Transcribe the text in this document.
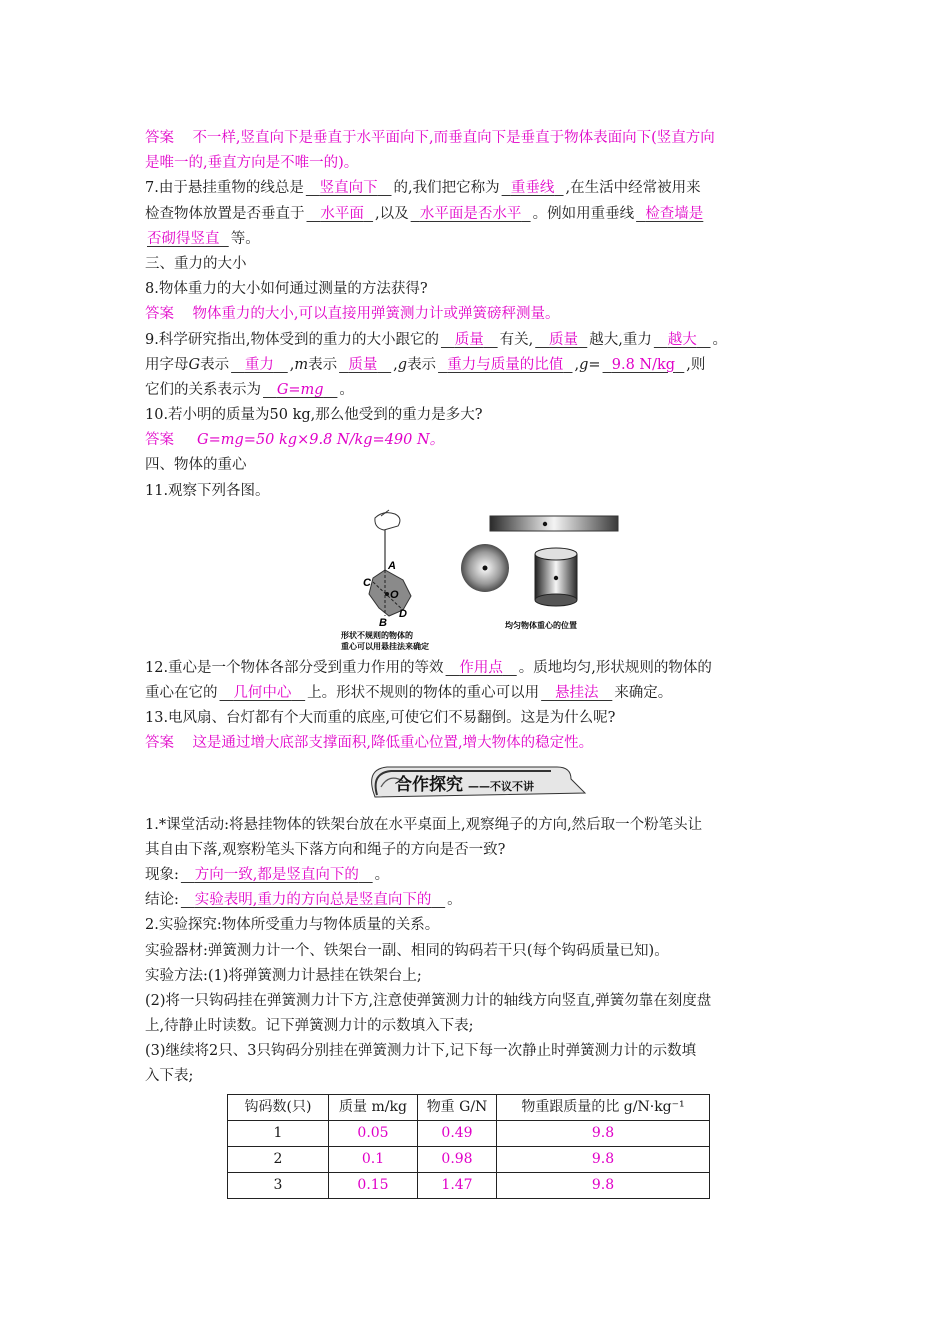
答案 不一样,竖直向下是垂直于水平面向下,而垂直向下是垂直于物体表面向下(竖直方向
是唯一的,垂直方向是不唯一的)。
7.由于悬挂重物的线总是 竖直向下 的,我们把它称为 重垂线 ,在生活中经常被用来
检查物体放置是否垂直于 水平面 ,以及 水平面是否水平 。例如用重垂线 检查墙是
否砌得竖直 等。
三、重力的大小
8.物体重力的大小如何通过测量的方法获得?
答案 物体重力的大小,可以直接用弹簧测力计或弹簧磅秤测量。
9.科学研究指出,物体受到的重力的大小跟它的 质量 有关, 质量 越大,重力 越大 。
用字母G表示 重力 ,m表示 质量 ,g表示 重力与质量的比值 ,g= 9.8 N/kg ,则
它们的关系表示为 G=mg 。
10.若小明的质量为50 kg,那么他受到的重力是多大?
答案 G=mg=50 kg×9.8 N/kg=490 N。
四、物体的重心
11.观察下列各图。
A
C
O
D
B
形状不规则的物体的
重心可以用悬挂法来确定
均匀物体重心的位置
12.重心是一个物体各部分受到重力作用的等效 作用点 。质地均匀,形状规则的物体的
重心在它的 几何中心 上。形状不规则的物体的重心可以用 悬挂法 来确定。
13.电风扇、台灯都有个大而重的底座,可使它们不易翻倒。这是为什么呢?
答案 这是通过增大底部支撑面积,降低重心位置,增大物体的稳定性。
合作探究 ——不议不讲
1.*课堂活动:将悬挂物体的铁架台放在水平桌面上,观察绳子的方向,然后取一个粉笔头让
其自由下落,观察粉笔头下落方向和绳子的方向是否一致?
现象: 方向一致,都是竖直向下的 。
结论: 实验表明,重力的方向总是竖直向下的 。
2.实验探究:物体所受重力与物体质量的关系。
实验器材:弹簧测力计一个、铁架台一副、相同的钩码若干只(每个钩码质量已知)。
实验方法:(1)将弹簧测力计悬挂在铁架台上;
(2)将一只钩码挂在弹簧测力计下方,注意使弹簧测力计的轴线方向竖直,弹簧勿靠在刻度盘
上,待静止时读数。记下弹簧测力计的示数填入下表;
(3)继续将2只、3只钩码分别挂在弹簧测力计下,记下每一次静止时弹簧测力计的示数填
入下表;
钩码数(只)	质量 m/kg	物重 G/N	物重跟质量的比 g/N·kg⁻¹
1	0.05	0.49	9.8
2	0.1	0.98	9.8
3	0.15	1.47	9.8
